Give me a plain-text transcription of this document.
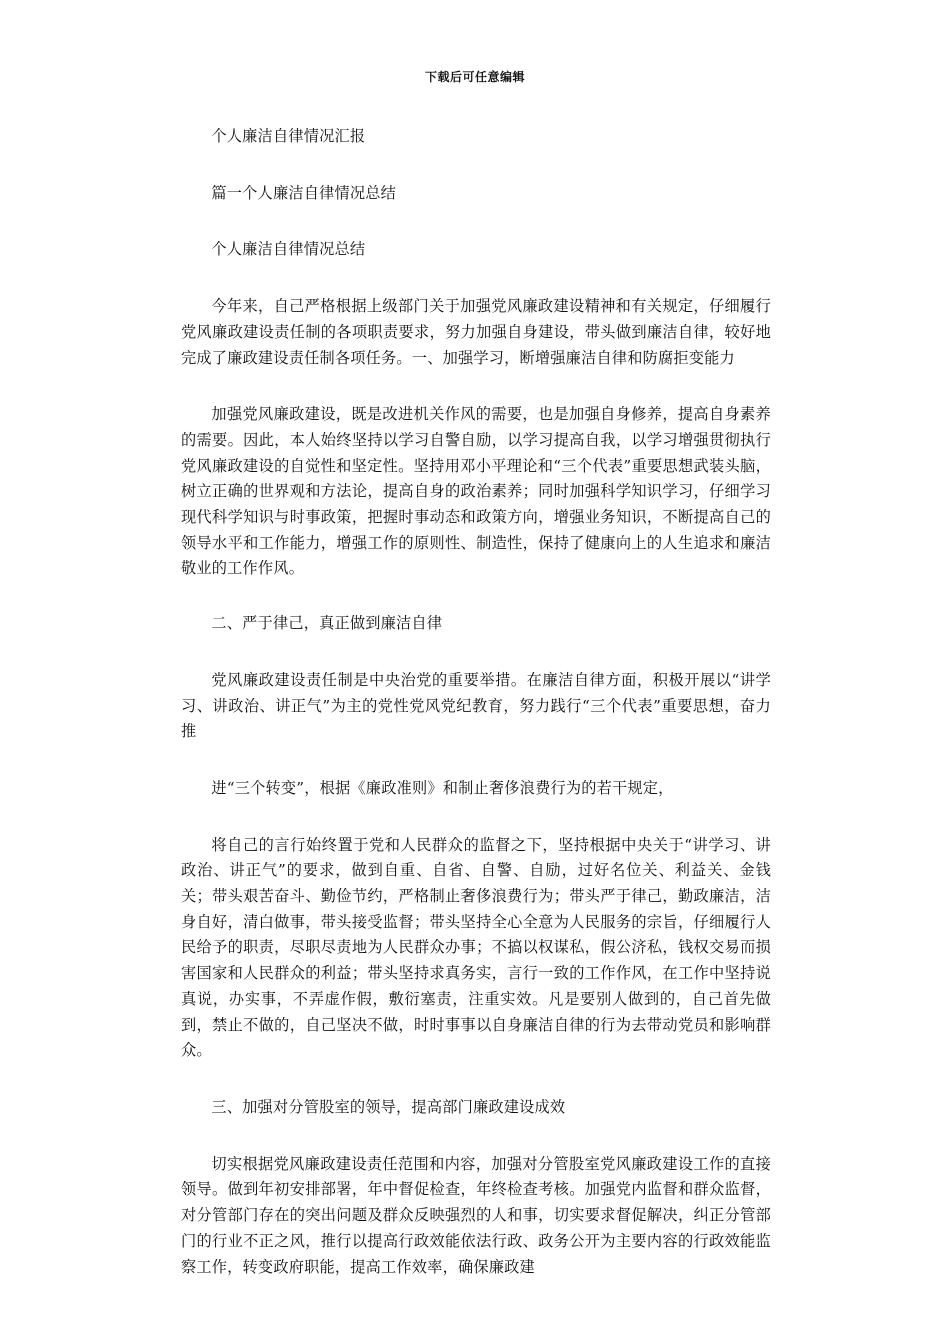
下载后可任意编辑

个人廉洁自律情况汇报

篇一个人廉洁自律情况总结

个人廉洁自律情况总结

今年来，自己严格根据上级部门关于加强党风廉政建设精神和有关规定，仔细履行党风廉政建设责任制的各项职责要求，努力加强自身建设，带头做到廉洁自律，较好地完成了廉政建设责任制各项任务。一、加强学习，断增强廉洁自律和防腐拒变能力

加强党风廉政建设，既是改进机关作风的需要，也是加强自身修养，提高自身素养的需要。因此，本人始终坚持以学习自警自励，以学习提高自我，以学习增强贯彻执行党风廉政建设的自觉性和坚定性。坚持用邓小平理论和“三个代表”重要思想武装头脑，树立正确的世界观和方法论，提高自身的政治素养；同时加强科学知识学习，仔细学习现代科学知识与时事政策，把握时事动态和政策方向，增强业务知识，不断提高自己的领导水平和工作能力，增强工作的原则性、制造性，保持了健康向上的人生追求和廉洁敬业的工作作风。

二、严于律己，真正做到廉洁自律

党风廉政建设责任制是中央治党的重要举措。在廉洁自律方面，积极开展以“讲学习、讲政治、讲正气”为主的党性党风党纪教育，努力践行“三个代表”重要思想，奋力推

进“三个转变”，根据《廉政准则》和制止奢侈浪费行为的若干规定，

将自己的言行始终置于党和人民群众的监督之下，坚持根据中央关于“讲学习、讲政治、讲正气”的要求，做到自重、自省、自警、自励，过好名位关、利益关、金钱关；带头艰苦奋斗、勤俭节约，严格制止奢侈浪费行为；带头严于律己，勤政廉洁，洁身自好，清白做事，带头接受监督；带头坚持全心全意为人民服务的宗旨，仔细履行人民给予的职责，尽职尽责地为人民群众办事；不搞以权谋私，假公济私，钱权交易而损害国家和人民群众的利益；带头坚持求真务实，言行一致的工作作风，在工作中坚持说真说，办实事，不弄虚作假，敷衍塞责，注重实效。凡是要别人做到的，自己首先做到，禁止不做的，自己坚决不做，时时事事以自身廉洁自律的行为去带动党员和影响群众。

三、加强对分管股室的领导，提高部门廉政建设成效

切实根据党风廉政建设责任范围和内容，加强对分管股室党风廉政建设工作的直接领导。做到年初安排部署，年中督促检查，年终检查考核。加强党内监督和群众监督，对分管部门存在的突出问题及群众反映强烈的人和事，切实要求督促解决，纠正分管部门的行业不正之风，推行以提高行政效能依法行政、政务公开为主要内容的行政效能监察工作，转变政府职能，提高工作效率，确保廉政建
